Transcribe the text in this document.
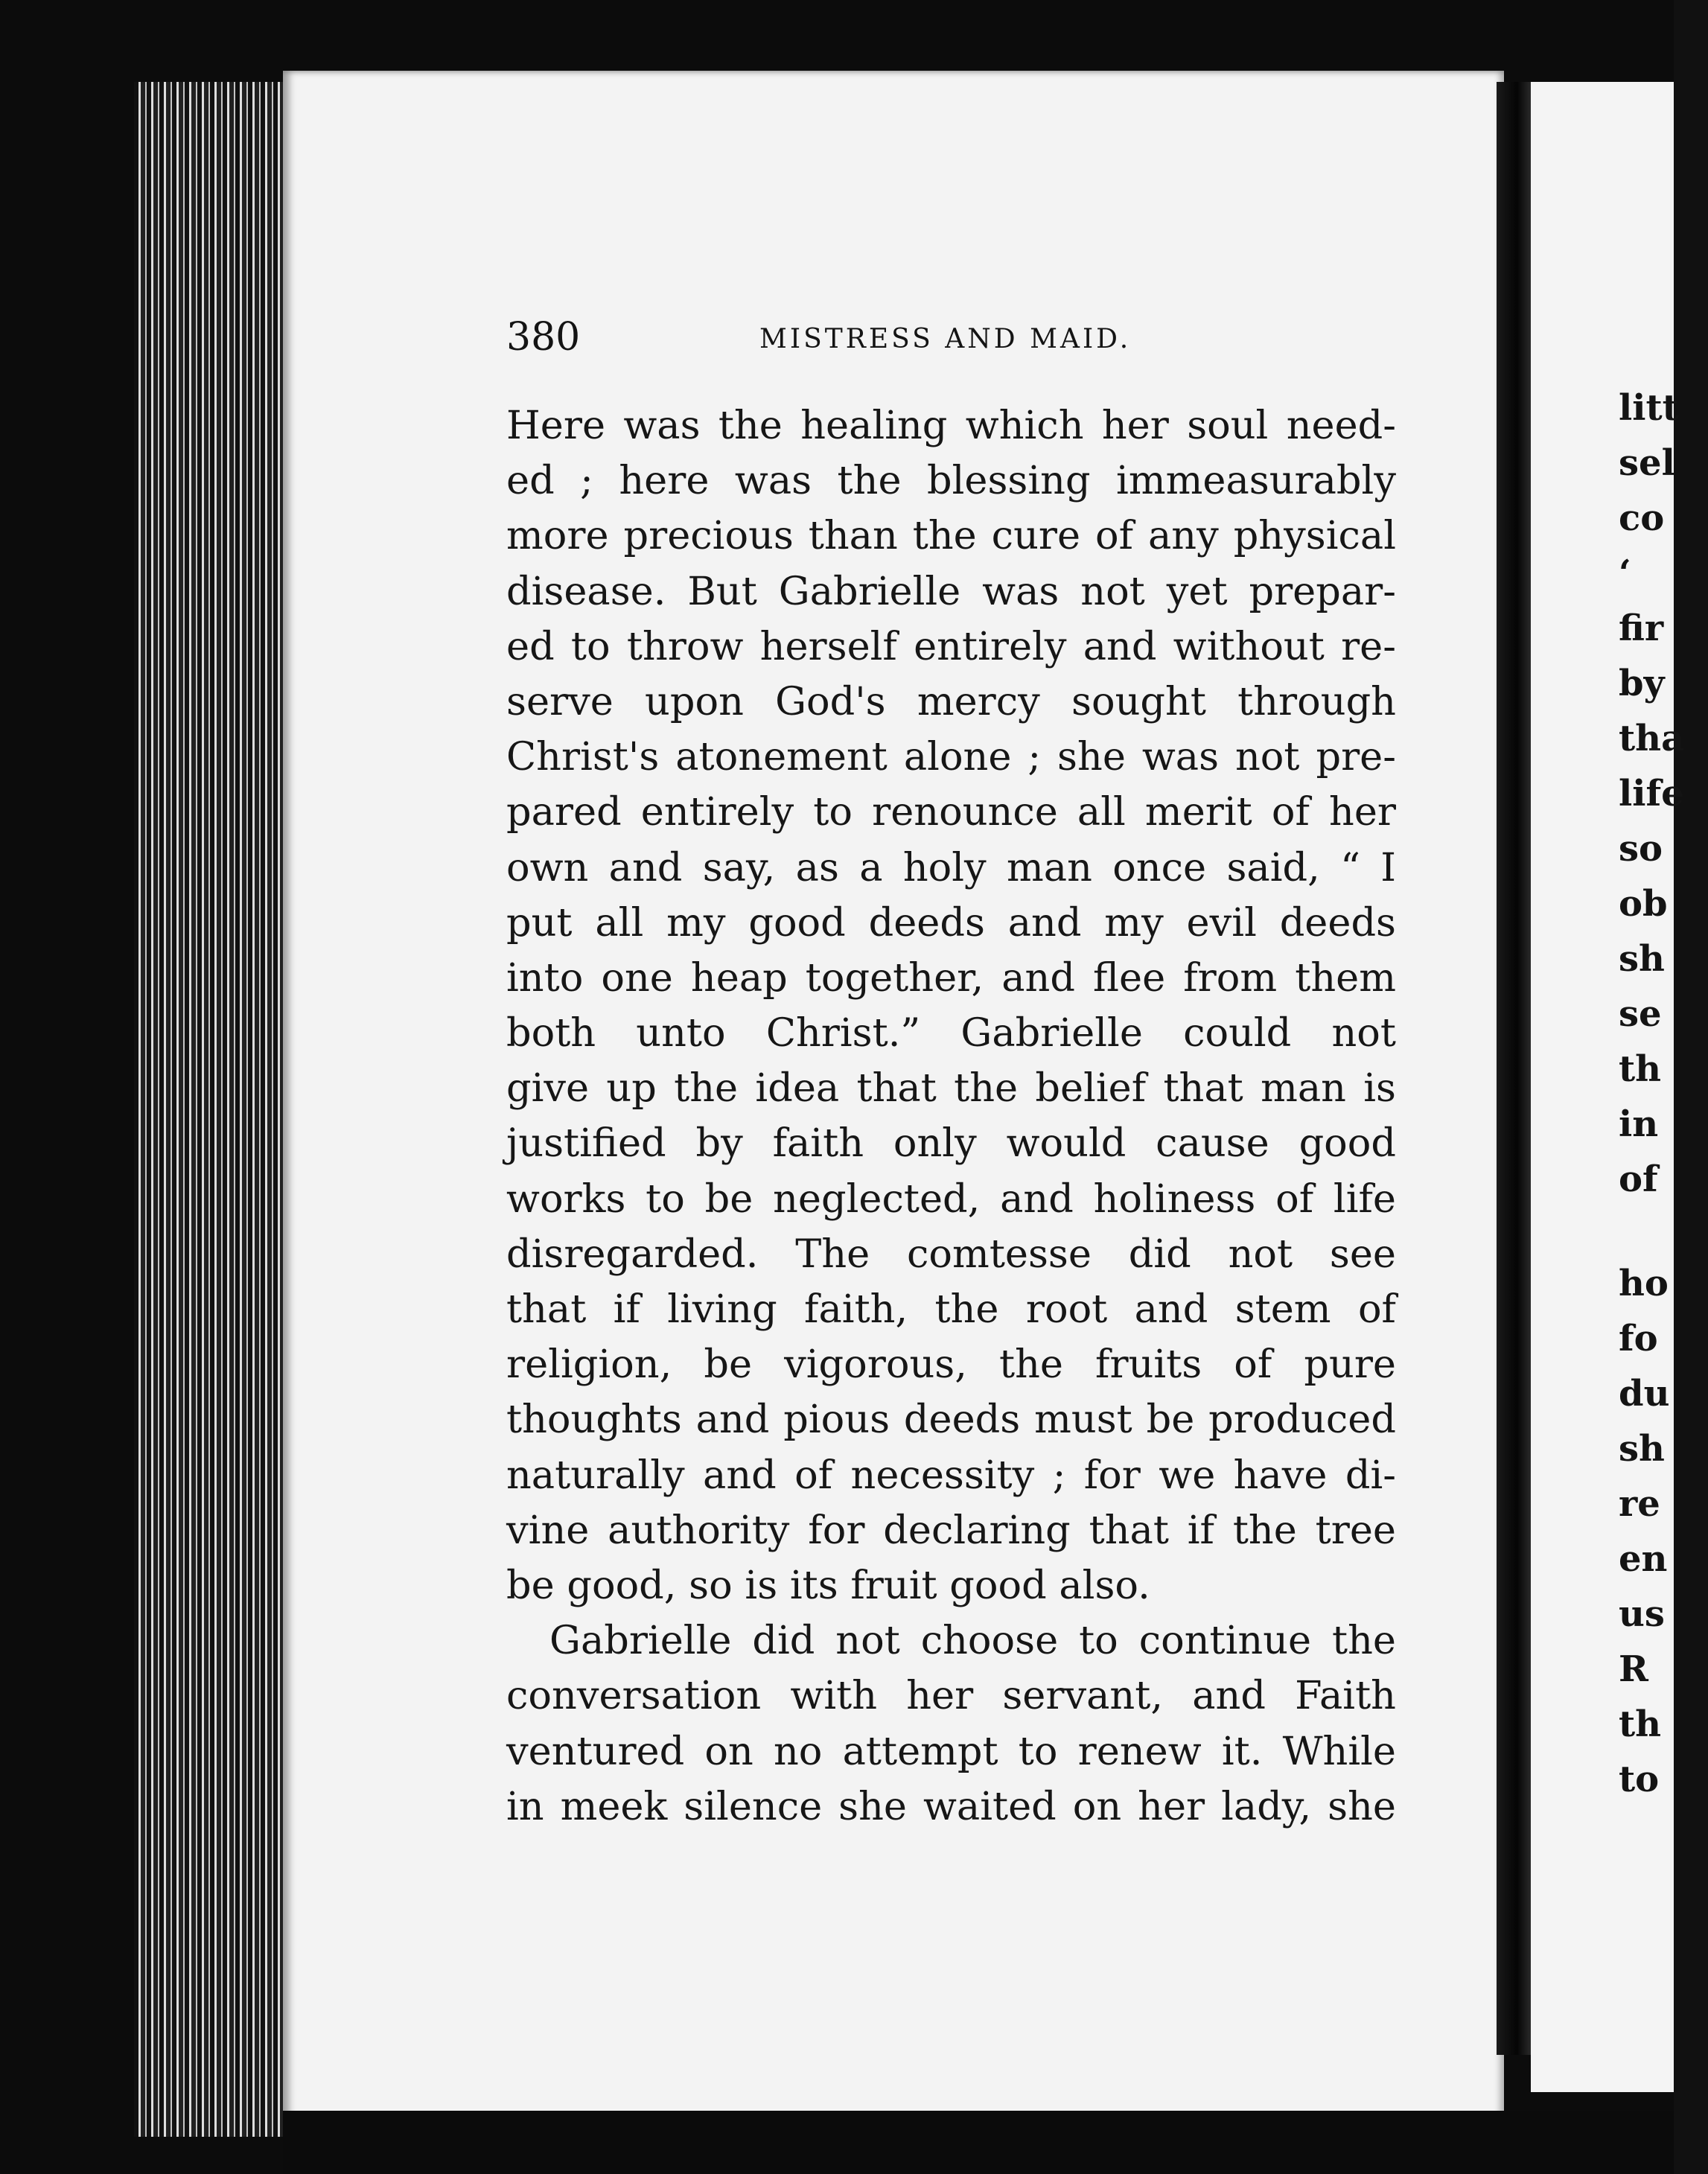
380	MISTRESS AND MAID.
Here was the healing which her soul need-
ed ; here was the blessing immeasurably
more precious than the cure of any physical
disease. But Gabrielle was not yet prepar-
ed to throw herself entirely and without re-
serve upon God's mercy sought through
Christ's atonement alone ; she was not pre-
pared entirely to renounce all merit of her
own and say, as a holy man once said, “ I
put all my good deeds and my evil deeds
into one heap together, and flee from them
both unto Christ.” Gabrielle could not
give up the idea that the belief that man is
justified by faith only would cause good
works to be neglected, and holiness of life
disregarded. The comtesse did not see
that if living faith, the root and stem of
religion, be vigorous, the fruits of pure
thoughts and pious deeds must be produced
naturally and of necessity ; for we have di-
vine authority for declaring that if the tree
be good, so is its fruit good also.
Gabrielle did not choose to continue the
conversation with her servant, and Faith
ventured on no attempt to renew it. While
in meek silence she waited on her lady, she
litt
sel
co
‘
fir
by
tha
life
so
ob
sh
se
th
in
of
ho
fo
du
sh
re
en
us
R
th
to
